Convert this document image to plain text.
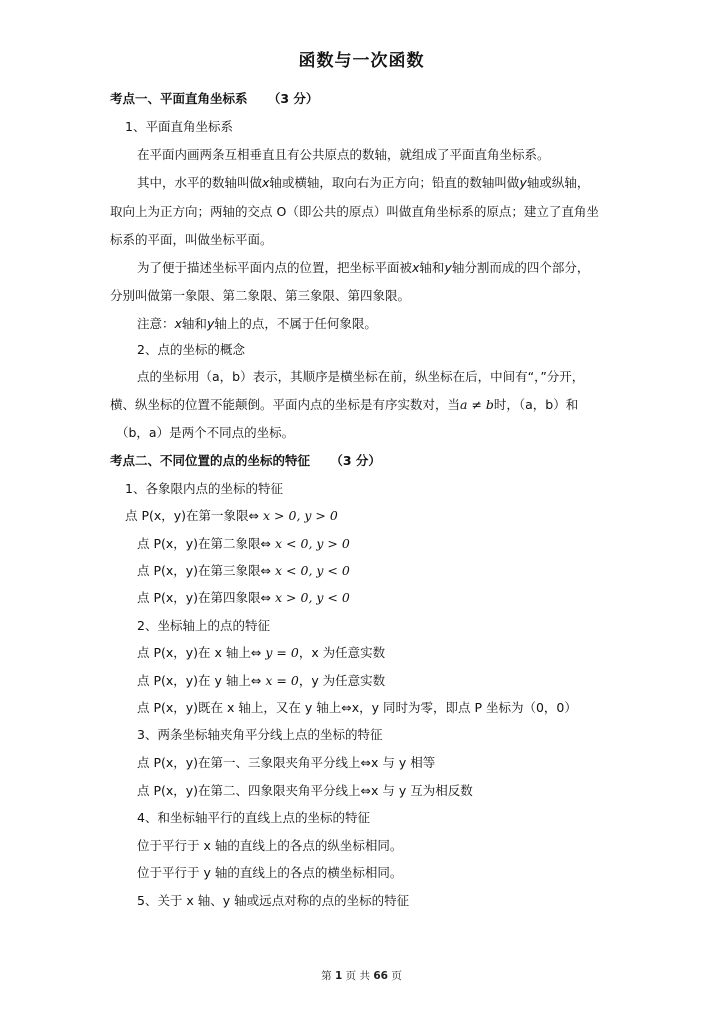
函数与一次函数
考点一、平面直角坐标系 （3 分）
1、平面直角坐标系
在平面内画两条互相垂直且有公共原点的数轴，就组成了平面直角坐标系。
其中，水平的数轴叫做x轴或横轴，取向右为正方向；铅直的数轴叫做y轴或纵轴，
取向上为正方向；两轴的交点 O（即公共的原点）叫做直角坐标系的原点；建立了直角坐
标系的平面，叫做坐标平面。
为了便于描述坐标平面内点的位置，把坐标平面被x轴和y轴分割而成的四个部分，
分别叫做第一象限、第二象限、第三象限、第四象限。
注意：x轴和y轴上的点，不属于任何象限。
2、点的坐标的概念
点的坐标用（a，b）表示，其顺序是横坐标在前，纵坐标在后，中间有“，”分开，
横、纵坐标的位置不能颠倒。平面内点的坐标是有序实数对，当a ≠ b时，（a，b）和
（b，a）是两个不同点的坐标。
考点二、不同位置的点的坐标的特征 （3 分）
1、各象限内点的坐标的特征
点 P(x，y)在第一象限⇔ x > 0, y > 0
点 P(x，y)在第二象限⇔ x < 0, y > 0
点 P(x，y)在第三象限⇔ x < 0, y < 0
点 P(x，y)在第四象限⇔ x > 0, y < 0
2、坐标轴上的点的特征
点 P(x，y)在 x 轴上⇔ y = 0，x 为任意实数
点 P(x，y)在 y 轴上⇔ x = 0，y 为任意实数
点 P(x，y)既在 x 轴上，又在 y 轴上⇔x，y 同时为零，即点 P 坐标为（0，0）
3、两条坐标轴夹角平分线上点的坐标的特征
点 P(x，y)在第一、三象限夹角平分线上⇔x 与 y 相等
点 P(x，y)在第二、四象限夹角平分线上⇔x 与 y 互为相反数
4、和坐标轴平行的直线上点的坐标的特征
位于平行于 x 轴的直线上的各点的纵坐标相同。
位于平行于 y 轴的直线上的各点的横坐标相同。
5、关于 x 轴、y 轴或远点对称的点的坐标的特征
第 1 页 共 66 页
